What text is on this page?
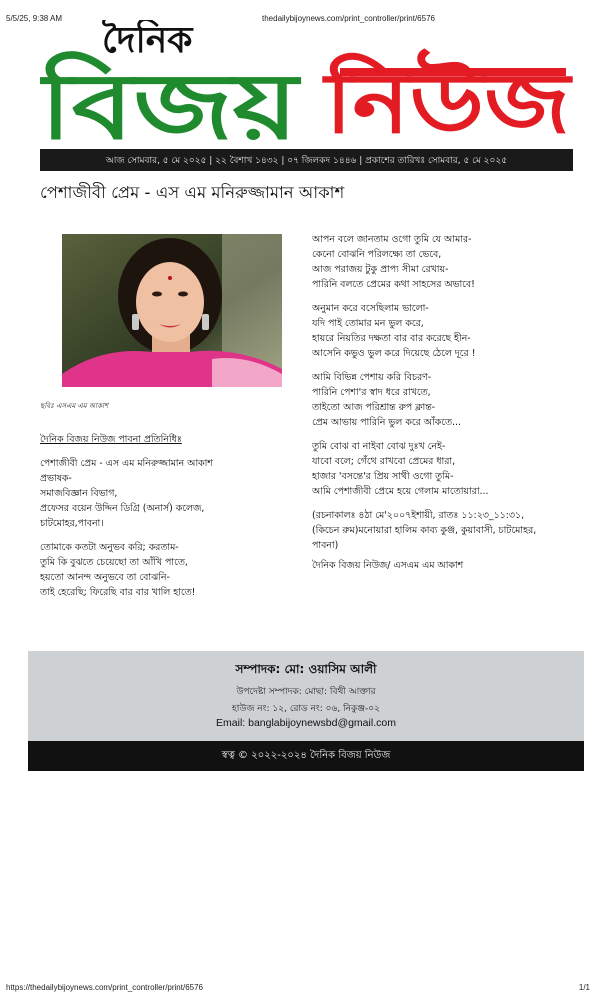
5/5/25, 9:38 AM	thedailybijoynews.com/print_controller/print/6576
দৈনিক
বিজয় নিউজ
আজ সোমবার, ৫ মে ২০২৫ | ২২ বৈশাখ ১৪৩২ | ০৭ জিলকদ ১৪৪৬ | প্রকাশের তারিখঃ সোমবার, ৫ মে ২০২৫
পেশাজীবী প্রেম - এস এম মনিরুজ্জামান আকাশ
ছবিঃ এসএম এম আকাশ
দৈনিক বিজয় নিউজ পাবনা প্রতিনিধিঃ
পেশাজীবী প্রেম - এস এম মনিরুজ্জামান আকাশ
প্রভাষক-
সমাজবিজ্ঞান বিভাগ,
প্রফেসর বয়েন উদ্দিন ডিগ্রি (অনার্স) কলেজ,
চাটমোহর,পাবনা।
তোমাকে কতটা অনুভব করি; করতাম-
তুমি কি বুঝতে চেয়েছো তা আঁখি পাতে,
হয়তো আনন্দ অনুভবে তা বোঝনি-
তাই হেরেছি; ফিরেছি বার বার খালি হাতে!
আপন বলে জানতাম ওগো তুমি যে আমার-
কেনো বোঝনি পরিলক্ষ্যে তা ভেবে,
আজ পরাজয় টুকু প্রাপ্য সীমা রেখায়-
পারিনি বলতে প্রেমের কথা সাহসের অভাবে!
অনুমান করে বসেছিলাম ভালো-
যদি পাই তোমার মন ভুল করে,
হায়রে নিয়তির দক্ষতা বার বার করেছে হীন-
আসেনি কভুও ভুল করে দিয়েছে ঠেলে দূরে !
আমি বিভিন্ন পেশায় করি বিচরণ-
পারিনি পেশা'র স্বাদ ধরে রাখতে,
তাইতো আজ পরিশ্রান্ত রুপ ক্লান্ত-
প্রেম আভায় পারিনি ভুল করে আঁকতে...
তুমি বোঝ বা নাইবা বোঝ দুঃখ নেই-
যাবো বলে; গেঁথে রাখবো প্রেমের ধারা,
হাজার 'বসন্তে'র প্রিয় সাথী ওগো তুমি-
আমি পেশাজীবী প্রেমে হয়ে গেলাম মাতোয়ারা...
(রচনাকালঃ ৪ঠা মে'২০০৭ইশায়ী, রাতঃ ১১:২৩_১১:৩১,
(কিচেন রুম)মনোয়ারা হালিম কাব্য কুঞ্জ, কুয়াবাসী, চাটমোহর,
পাবনা)
দৈনিক বিজয় নিউজ/ এসএম এম আকাশ
সম্পাদক: মো: ওয়াসিম আলী
উপদেষ্টা সম্পাদক: মোছা: বিথী আক্তার
হাউজ নং: ১২, রোড নং: ০৬, নিকুঞ্জ-০২
Email: banglabijoynewsbd@gmail.com
স্বত্ব © ২০২২-২০২৪ দৈনিক বিজয় নিউজ
https://thedailybijoynews.com/print_controller/print/6576	1/1
